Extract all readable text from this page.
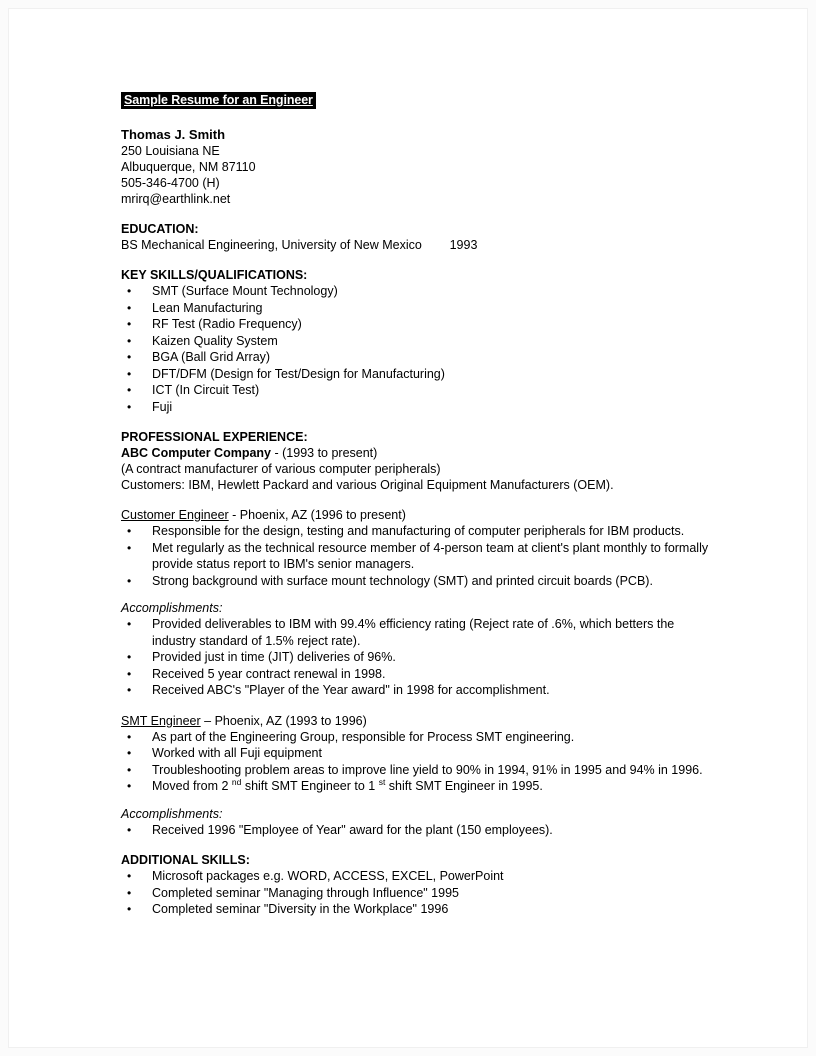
Sample Resume for an Engineer

Thomas J. Smith

250 Louisiana NE

Albuquerque, NM 87110

505-346-4700 (H)

mrirq@earthlink.net

EDUCATION:

BS Mechanical Engineering, University of New Mexico        1993

KEY SKILLS/QUALIFICATIONS:
• SMT (Surface Mount Technology)
• Lean Manufacturing
• RF Test (Radio Frequency)
• Kaizen Quality System
• BGA (Ball Grid Array)
• DFT/DFM (Design for Test/Design for Manufacturing)
• ICT (In Circuit Test)
• Fuji
PROFESSIONAL EXPERIENCE:

ABC Computer Company - (1993 to present)

(A contract manufacturer of various computer peripherals)

Customers: IBM, Hewlett Packard and various Original Equipment Manufacturers (OEM).

Customer Engineer - Phoenix, AZ (1996 to present)

• Responsible for the design, testing and manufacturing of computer peripherals for IBM products.
• Met regularly as the technical resource member of 4-person team at client's plant monthly to formally provide status report to IBM's senior managers.
• Strong background with surface mount technology (SMT) and printed circuit boards (PCB).

Accomplishments:

• Provided deliverables to IBM with 99.4% efficiency rating (Reject rate of .6%, which betters the industry standard of 1.5% reject rate).
• Provided just in time (JIT) deliveries of 96%.
• Received 5 year contract renewal in 1998.
• Received ABC's "Player of the Year award" in 1998 for accomplishment.

SMT Engineer – Phoenix, AZ (1993 to 1996)

• As part of the Engineering Group, responsible for Process SMT engineering.
• Worked with all Fuji equipment
• Troubleshooting problem areas to improve line yield to 90% in 1994, 91% in 1995 and 94% in 1996.
• Moved from 2 $^{nd}$ shift SMT Engineer to 1 $^{st}$ shift SMT Engineer in 1995.

Accomplishments:

• Received 1996 "Employee of Year" award for the plant (150 employees).
ADDITIONAL SKILLS:
• Microsoft packages e.g. WORD, ACCESS, EXCEL, PowerPoint
• Completed seminar "Managing through Influence" 1995
• Completed seminar "Diversity in the Workplace" 1996
